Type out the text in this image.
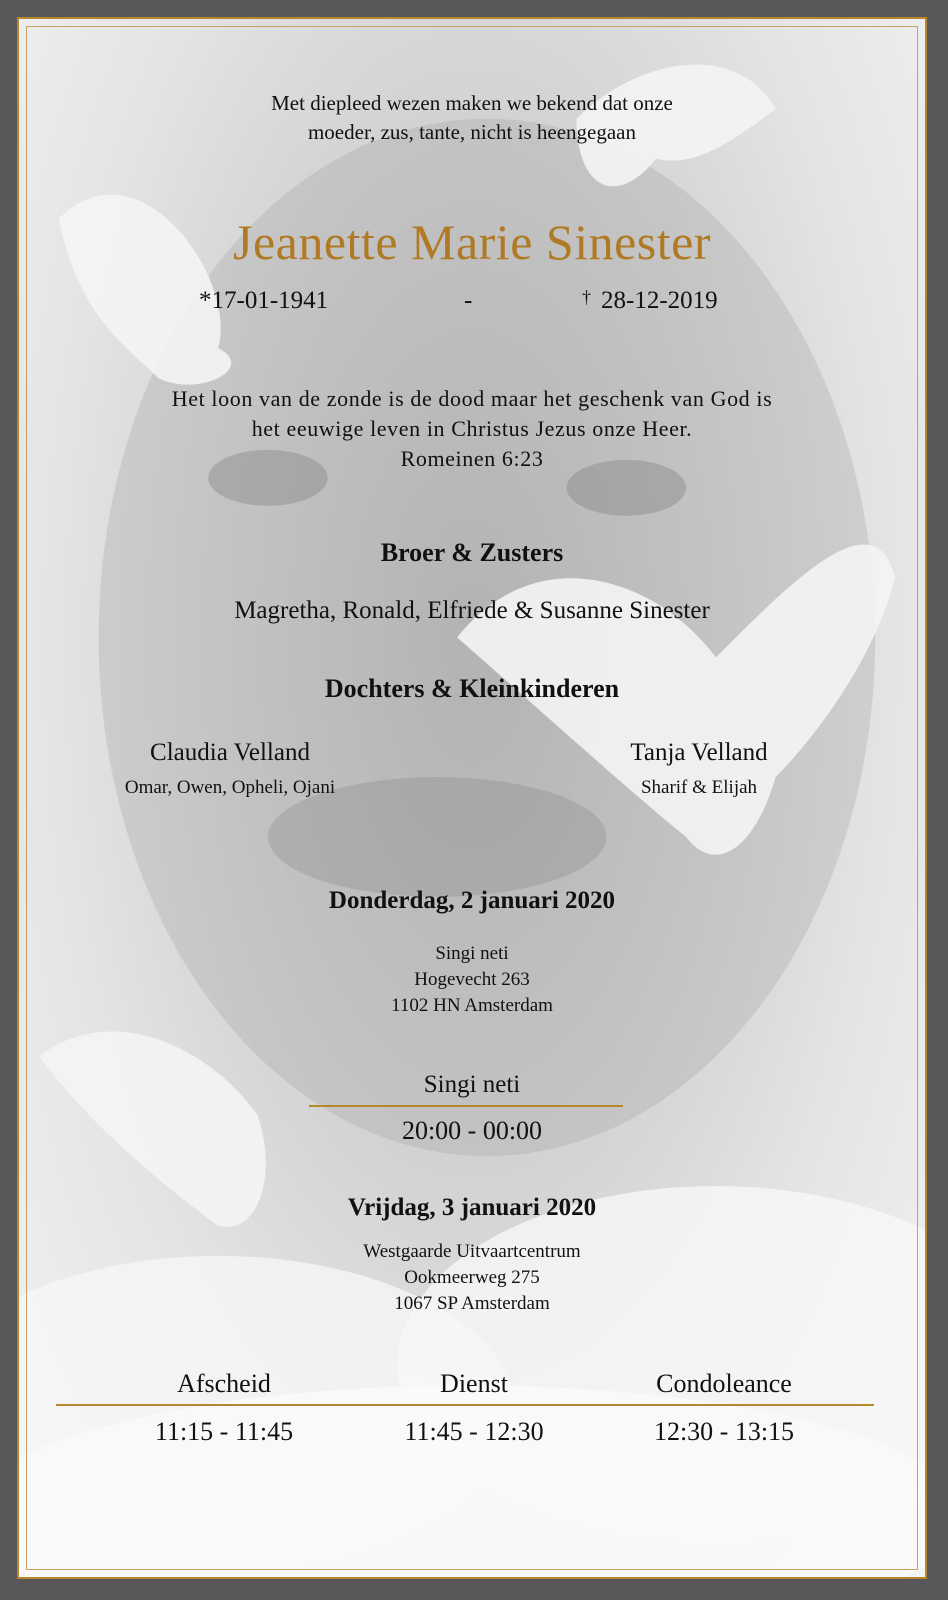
Met diepleed wezen maken we bekend dat onze
moeder, zus, tante, nicht is heengegaan
Jeanette Marie Sinester
*17-01-1941	-	† 28-12-2019
Het loon van de zonde is de dood maar het geschenk van God is
het eeuwige leven in Christus Jezus onze Heer.
Romeinen 6:23
Broer & Zusters
Magretha, Ronald, Elfriede & Susanne Sinester
Dochters & Kleinkinderen
Claudia Velland
Omar, Owen, Opheli, Ojani
Tanja Velland
Sharif & Elijah
Donderdag, 2 januari 2020
Singi neti
Hogevecht 263
1102 HN Amsterdam
Singi neti
20:00 - 00:00
Vrijdag, 3 januari 2020
Westgaarde Uitvaartcentrum
Ookmeerweg 275
1067 SP Amsterdam
Afscheid
11:15 - 11:45
Dienst
11:45 - 12:30
Condoleance
12:30 - 13:15
